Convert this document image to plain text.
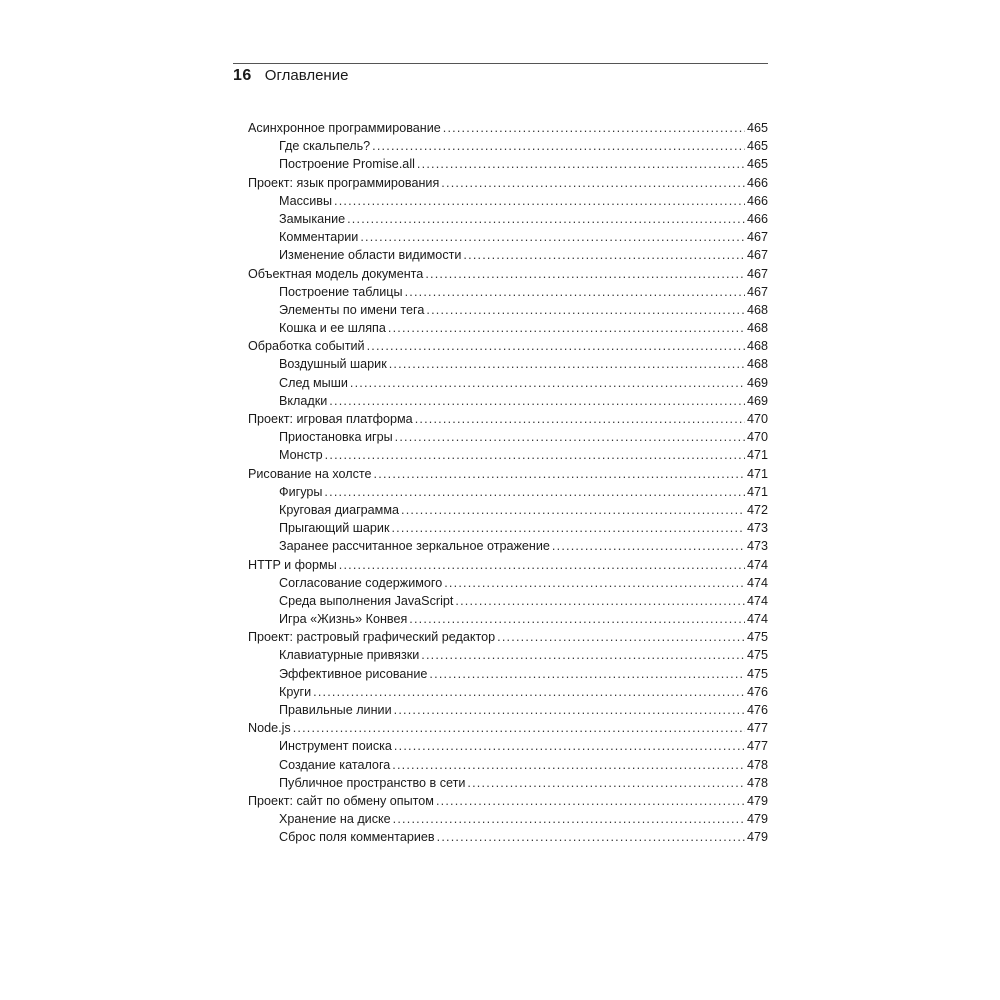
16 Оглавление
Асинхронное программирование .....	465
Где скальпель? .....	465
Построение Promise.all .....	465
Проект: язык программирования .....	466
Массивы .....	466
Замыкание .....	466
Комментарии .....	467
Изменение области видимости .....	467
Объектная модель документа .....	467
Построение таблицы .....	467
Элементы по имени тега .....	468
Кошка и ее шляпа .....	468
Обработка событий .....	468
Воздушный шарик .....	468
След мыши .....	469
Вкладки .....	469
Проект: игровая платформа .....	470
Приостановка игры .....	470
Монстр .....	471
Рисование на холсте .....	471
Фигуры .....	471
Круговая диаграмма .....	472
Прыгающий шарик .....	473
Заранее рассчитанное зеркальное отражение .....	473
HTTP и формы .....	474
Согласование содержимого .....	474
Среда выполнения JavaScript .....	474
Игра «Жизнь» Конвея .....	474
Проект: растровый графический редактор .....	475
Клавиатурные привязки .....	475
Эффективное рисование .....	475
Круги .....	476
Правильные линии .....	476
Node.js .....	477
Инструмент поиска .....	477
Создание каталога .....	478
Публичное пространство в сети .....	478
Проект: сайт по обмену опытом .....	479
Хранение на диске .....	479
Сброс поля комментариев .....	479
